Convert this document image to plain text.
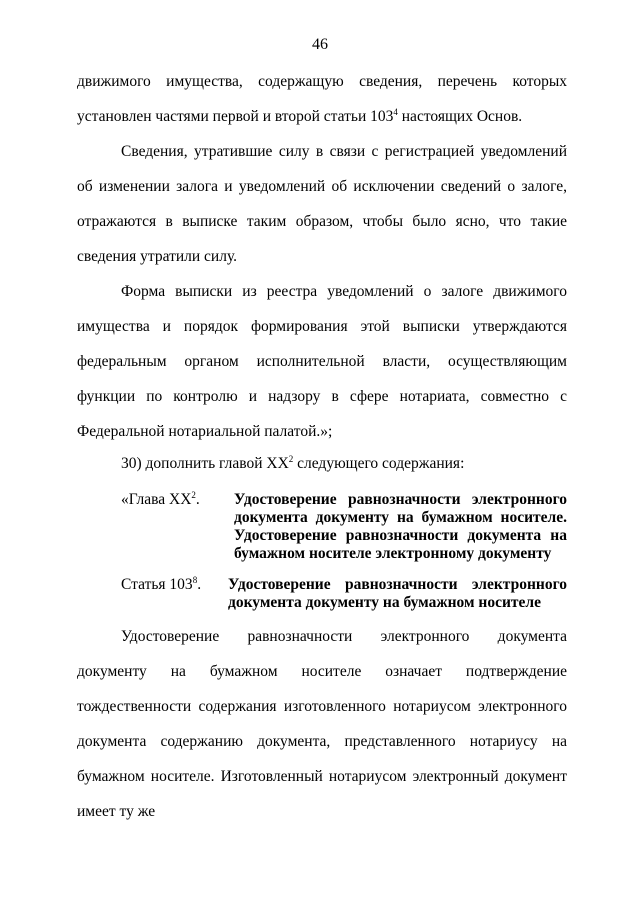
46

движимого имущества, содержащую сведения, перечень которых установлен частями первой и второй статьи $103^4$ настоящих Основ.

Сведения, утратившие силу в связи с регистрацией уведомлений об изменении залога и уведомлений об исключении сведений о залоге, отражаются в выписке таким образом, чтобы было ясно, что такие сведения утратили силу.

Форма выписки из реестра уведомлений о залоге движимого имущества и порядок формирования этой выписки утверждаются федеральным органом исполнительной власти, осуществляющим функции по контролю и надзору в сфере нотариата, совместно с Федеральной нотариальной палатой.»;

30) дополнить главой $XX^2$ следующего содержания:

«Глава $XX^2$.	Удостоверение равнозначности электронного документа документу на бумажном носителе. Удостоверение равнозначности документа на бумажном носителе электронному документу
Статья $103^8$.	Удостоверение равнозначности электронного документа документу на бумажном носителе

Удостоверение равнозначности электронного документа документу на бумажном носителе означает подтверждение тождественности содержания изготовленного нотариусом электронного документа содержанию документа, представленного нотариусу на бумажном носителе. Изготовленный нотариусом электронный документ имеет ту же
